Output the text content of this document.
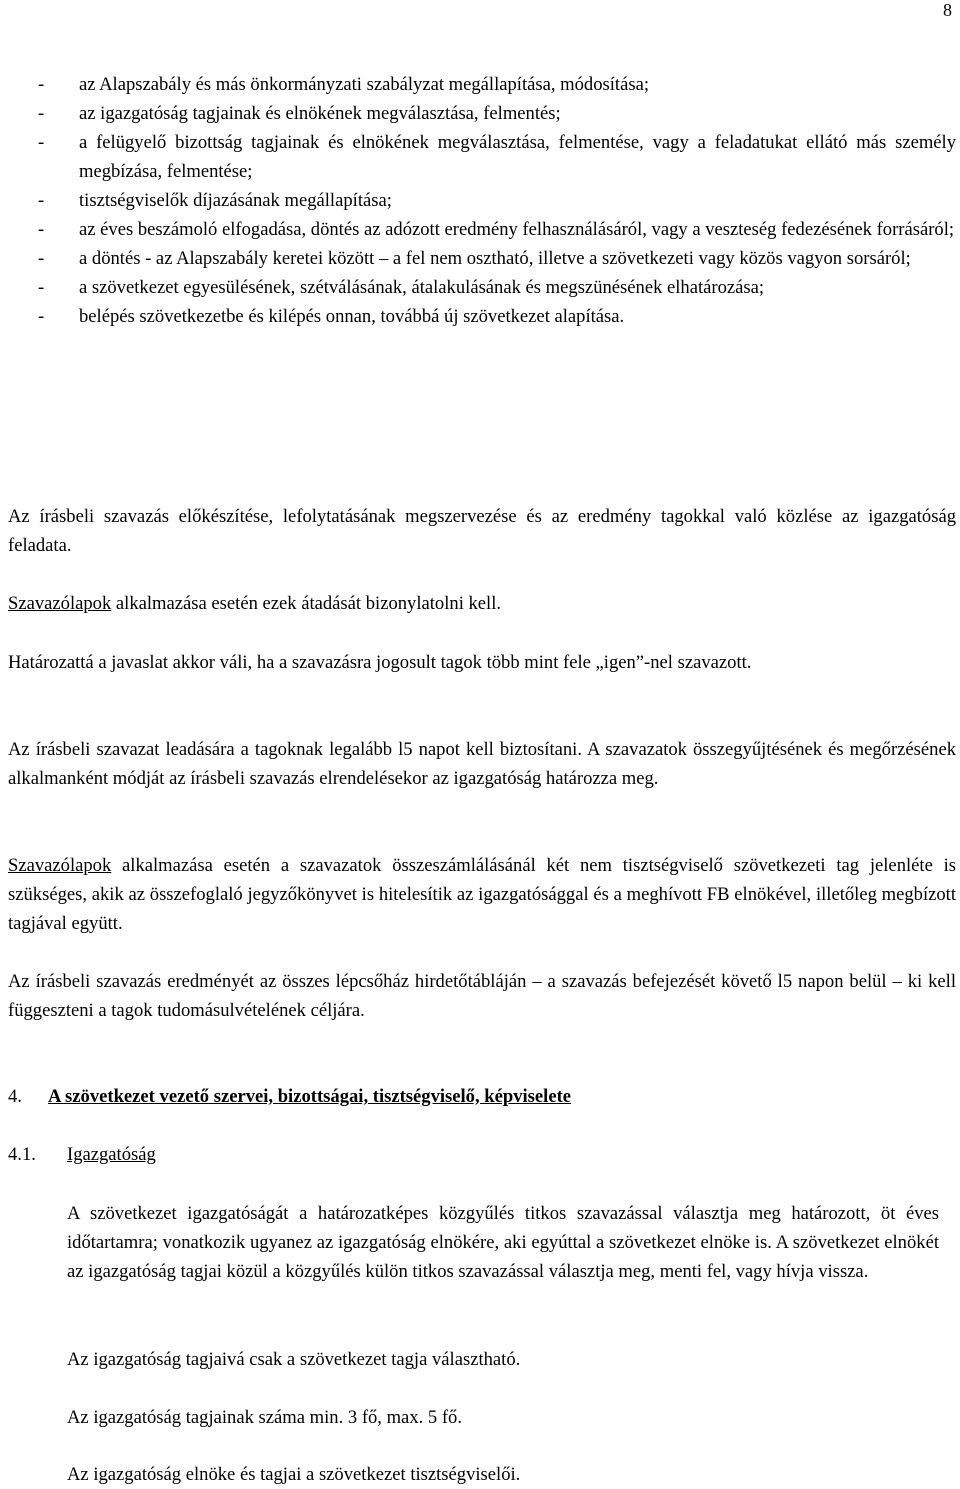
8
- az Alapszabály és más önkormányzati szabályzat megállapítása, módosítása;
- az igazgatóság tagjainak és elnökének megválasztása, felmentés;
- a felügyelő bizottság tagjainak és elnökének megválasztása, felmentése, vagy a feladatukat ellátó más személy megbízása, felmentése;
- tisztségviselők díjazásának megállapítása;
- az éves beszámoló elfogadása, döntés az adózott eredmény felhasználásáról, vagy a veszteség fedezésének forrásáról;
- a döntés - az Alapszabály keretei között – a fel nem osztható, illetve a szövetkezeti vagy közös vagyon sorsáról;
- a szövetkezet egyesülésének, szétválásának, átalakulásának és megszünésének elhatározása;
- belépés szövetkezetbe és kilépés onnan, továbbá új szövetkezet alapítása.

Az írásbeli szavazás előkészítése, lefolytatásának megszervezése és az eredmény tagokkal való közlése az igazgatóság feladata.

Szavazólapok alkalmazása esetén ezek átadását bizonylatolni kell.

Határozattá a javaslat akkor váli, ha a szavazásra jogosult tagok több mint fele „igen”-nel szavazott.

Az írásbeli szavazat leadására a tagoknak legalább l5 napot kell biztosítani. A szavazatok összegyűjtésének és megőrzésének alkalmanként módját az írásbeli szavazás elrendelésekor az igazgatóság határozza meg.

Szavazólapok alkalmazása esetén a szavazatok összeszámlálásánál két nem tisztségviselő szövetkezeti tag jelenléte is szükséges, akik az összefoglaló jegyzőkönyvet is hitelesítik az igazgatósággal és a meghívott FB elnökével, illetőleg megbízott tagjával együtt.

Az írásbeli szavazás eredményét az összes lépcsőház hirdetőtábláján – a szavazás befejezését követő l5 napon belül – ki kell függeszteni a tagok tudomásulvételének céljára.

4. A szövetkezet vezető szervei, bizottságai, tisztségviselő, képviselete
4.1. Igazgatóság

A szövetkezet igazgatóságát a határozatképes közgyűlés titkos szavazással választja meg határozott, öt éves időtartamra; vonatkozik ugyanez az igazgatóság elnökére, aki egyúttal a szövetkezet elnöke is. A szövetkezet elnökét az igazgatóság tagjai közül a közgyűlés külön titkos szavazással választja meg, menti fel, vagy hívja vissza.

Az igazgatóság tagjaivá csak a szövetkezet tagja választható.

Az igazgatóság tagjainak száma min. 3 fő, max. 5 fő.

Az igazgatóság elnöke és tagjai a szövetkezet tisztségviselői.
